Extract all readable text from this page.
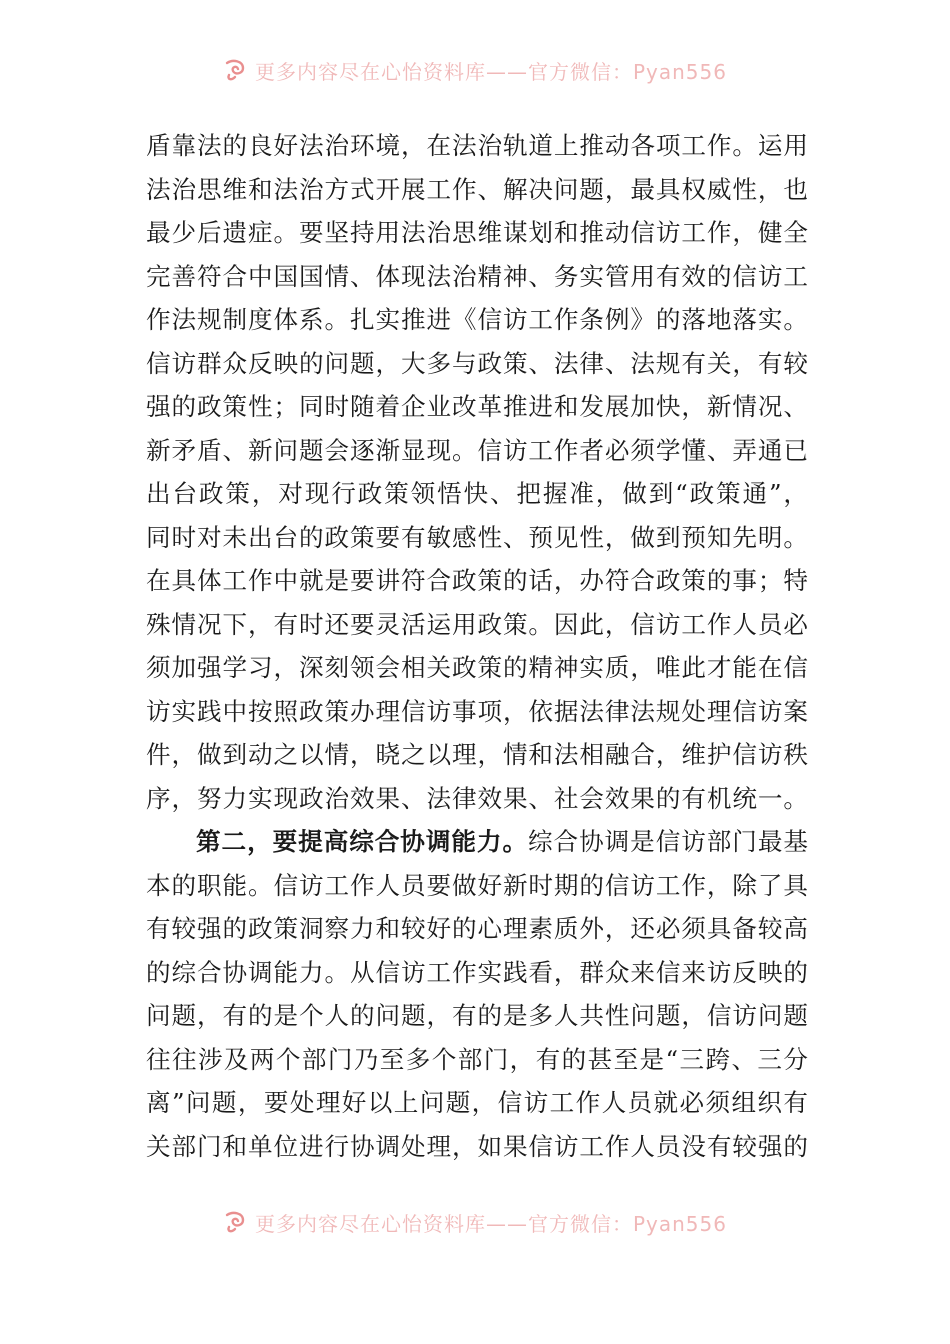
更多内容尽在心怡资料库——官方微信：Pyan556
盾靠法的良好法治环境，在法治轨道上推动各项工作。运用
法治思维和法治方式开展工作、解决问题，最具权威性，也
最少后遗症。要坚持用法治思维谋划和推动信访工作，健全
完善符合中国国情、体现法治精神、务实管用有效的信访工
作法规制度体系。扎实推进《信访工作条例》的落地落实。
信访群众反映的问题，大多与政策、法律、法规有关，有较
强的政策性；同时随着企业改革推进和发展加快，新情况、
新矛盾、新问题会逐渐显现。信访工作者必须学懂、弄通已
出台政策，对现行政策领悟快、把握准，做到“政策通”，
同时对未出台的政策要有敏感性、预见性，做到预知先明。
在具体工作中就是要讲符合政策的话，办符合政策的事；特
殊情况下，有时还要灵活运用政策。因此，信访工作人员必
须加强学习，深刻领会相关政策的精神实质，唯此才能在信
访实践中按照政策办理信访事项，依据法律法规处理信访案
件，做到动之以情，晓之以理，情和法相融合，维护信访秩
序，努力实现政治效果、法律效果、社会效果的有机统一。
第二，要提高综合协调能力。综合协调是信访部门最基
本的职能。信访工作人员要做好新时期的信访工作，除了具
有较强的政策洞察力和较好的心理素质外，还必须具备较高
的综合协调能力。从信访工作实践看，群众来信来访反映的
问题，有的是个人的问题，有的是多人共性问题，信访问题
往往涉及两个部门乃至多个部门，有的甚至是“三跨、三分
离”问题，要处理好以上问题，信访工作人员就必须组织有
关部门和单位进行协调处理，如果信访工作人员没有较强的
更多内容尽在心怡资料库——官方微信：Pyan556
